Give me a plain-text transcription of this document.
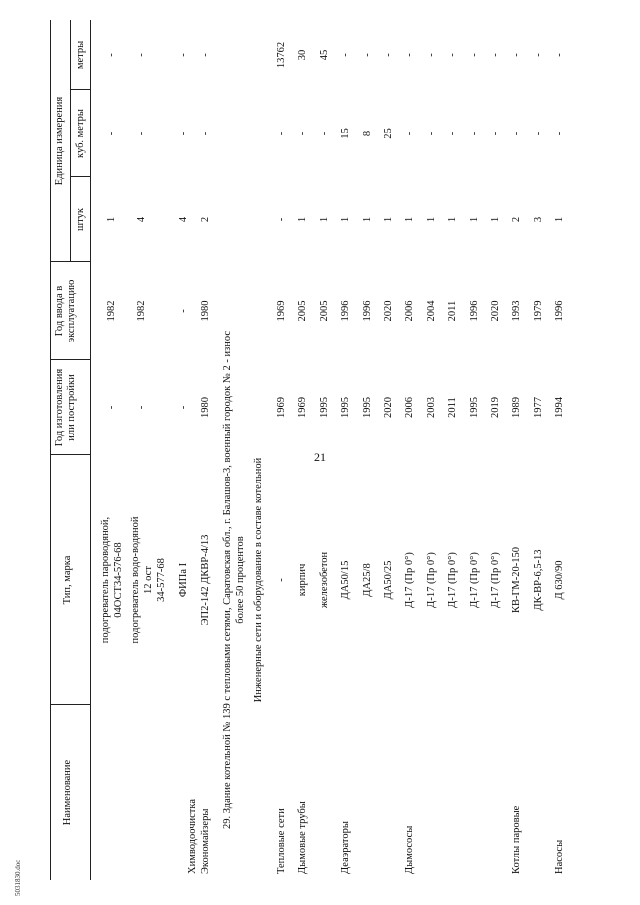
21
5031830.doc
Наименование
Тип, марка
Год изготовления или постройки
Год ввода в эксплуатацию
Единица измерения
штук
куб. метры
метры
подогреватель пароводяной, 04ОСТ34-576-68
-
1982
1
-
-
подогреватель водо-водяной 12 ост 34-577-68
-
1982
4
-
-
Химводоочистка
ФИПа I
-
-
4
-
-
Экономайзеры
ЭП2-142 ДКВР-4/13
1980
1980
2
-
-
29. Здание котельной № 139 с тепловыми сетями, Саратовская обл., г. Балашов-3, военный городок № 2 - износ более 50 процентов Инженерные сети и оборудование в составе котельной
Тепловые сети
-
1969
1969
-
-
13762
Дымовые трубы
кирпич
1969
2005
1
-
30
железобетон
1995
2005
1
-
45
Деаэраторы
ДА50/15
1995
1996
1
15
-
ДА25/8
1995
1996
1
8
-
ДА50/25
2020
2020
1
25
-
Дымососы
Д-17 (Пр 0°)
2006
2006
1
-
-
Д-17 (Пр 0°)
2003
2004
1
-
-
Д-17 (Пр 0°)
2011
2011
1
-
-
Д-17 (Пр 0°)
1995
1996
1
-
-
Д-17 (Пр 0°)
2019
2020
1
-
-
Котлы паровые
КВ-ГМ-20-150
1989
1993
2
-
-
ДК-ВР-6,5-13
1977
1979
3
-
-
Насосы
Д 630/90
1994
1996
1
-
-
